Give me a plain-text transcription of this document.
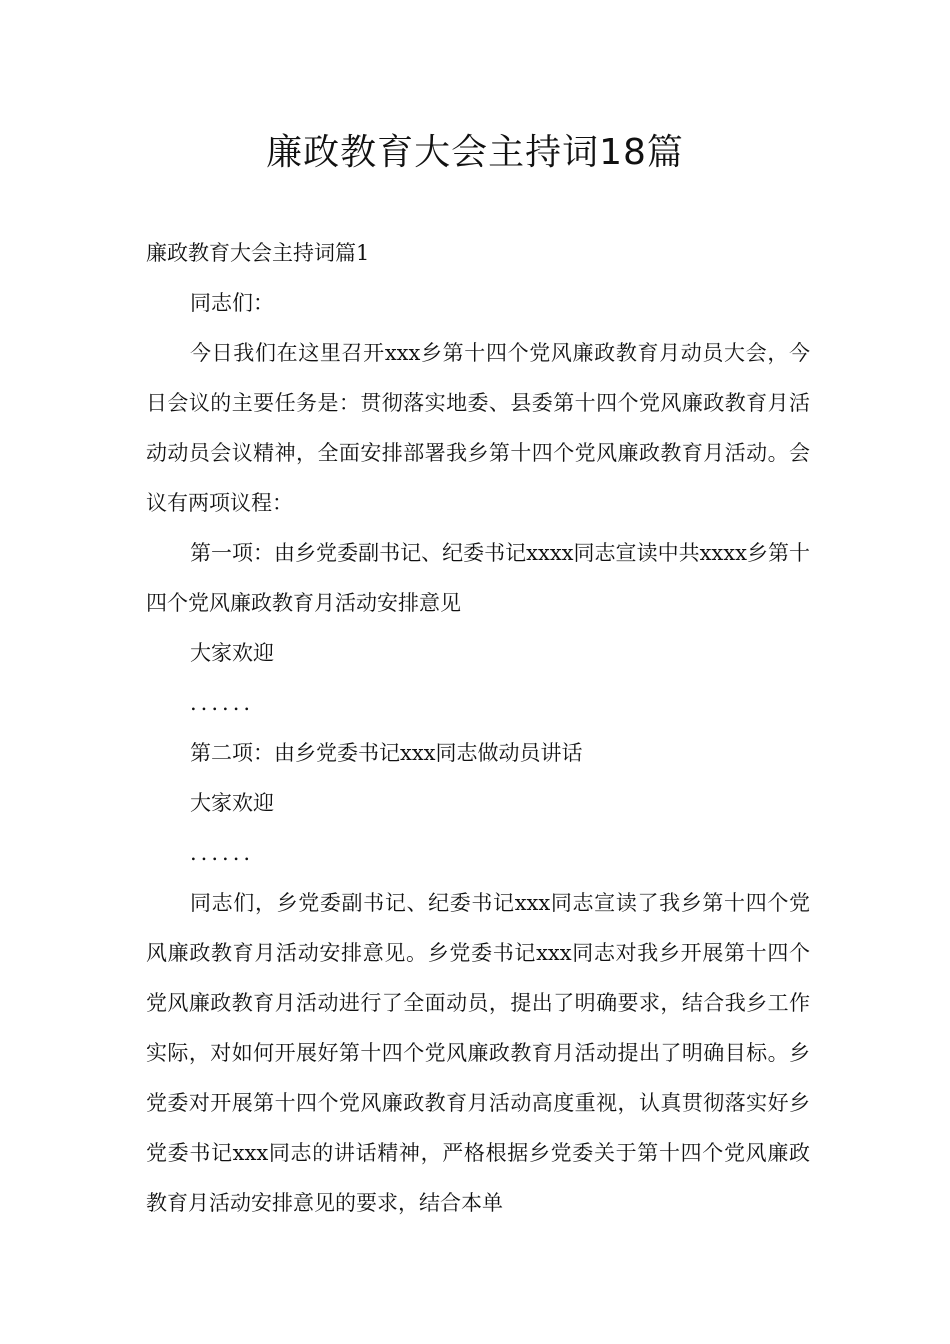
廉政教育大会主持词18篇

廉政教育大会主持词篇1

同志们：

今日我们在这里召开xxx乡第十四个党风廉政教育月动员大会，今日会议的主要任务是：贯彻落实地委、县委第十四个党风廉政教育月活动动员会议精神，全面安排部署我乡第十四个党风廉政教育月活动。会议有两项议程：

第一项：由乡党委副书记、纪委书记xxxx同志宣读中共xxxx乡第十四个党风廉政教育月活动安排意见

大家欢迎

......

第二项：由乡党委书记xxx同志做动员讲话

大家欢迎

......

同志们，乡党委副书记、纪委书记xxx同志宣读了我乡第十四个党风廉政教育月活动安排意见。乡党委书记xxx同志对我乡开展第十四个党风廉政教育月活动进行了全面动员，提出了明确要求，结合我乡工作实际，对如何开展好第十四个党风廉政教育月活动提出了明确目标。乡党委对开展第十四个党风廉政教育月活动高度重视，认真贯彻落实好乡党委书记xxx同志的讲话精神，严格根据乡党委关于第十四个党风廉政教育月活动安排意见的要求，结合本单
